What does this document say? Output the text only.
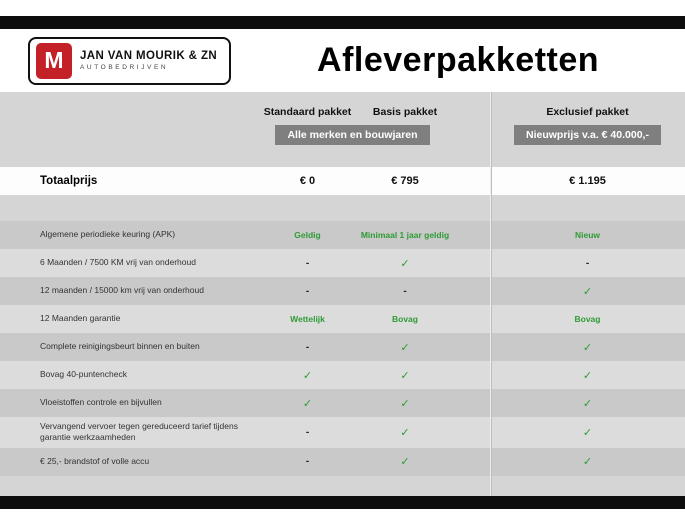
M JAN VAN MOURIK & ZN
AUTOBEDRIJVEN	Afleverpakketten
Standaard pakket	Basis pakket	Exclusief pakket
Alle merken en bouwjaren	Nieuwprijs v.a. € 40.000,-
Totaalprijs	€ 0	€ 795	€ 1.195
Algemene periodieke keuring (APK)	Geldig	Minimaal 1 jaar geldig	Nieuw
6 Maanden / 7500 KM vrij van onderhoud	-	✓	-
12 maanden / 15000 km vrij van onderhoud	-	-	✓
12 Maanden garantie	Wettelijk	Bovag	Bovag
Complete reinigingsbeurt binnen en buiten	-	✓	✓
Bovag 40-puntencheck	✓	✓	✓
Vloeistoffen controle en bijvullen	✓	✓	✓
Vervangend vervoer tegen gereduceerd tarief tijdens garantie werkzaamheden	-	✓	✓
€ 25,- brandstof of volle accu	-	✓	✓
